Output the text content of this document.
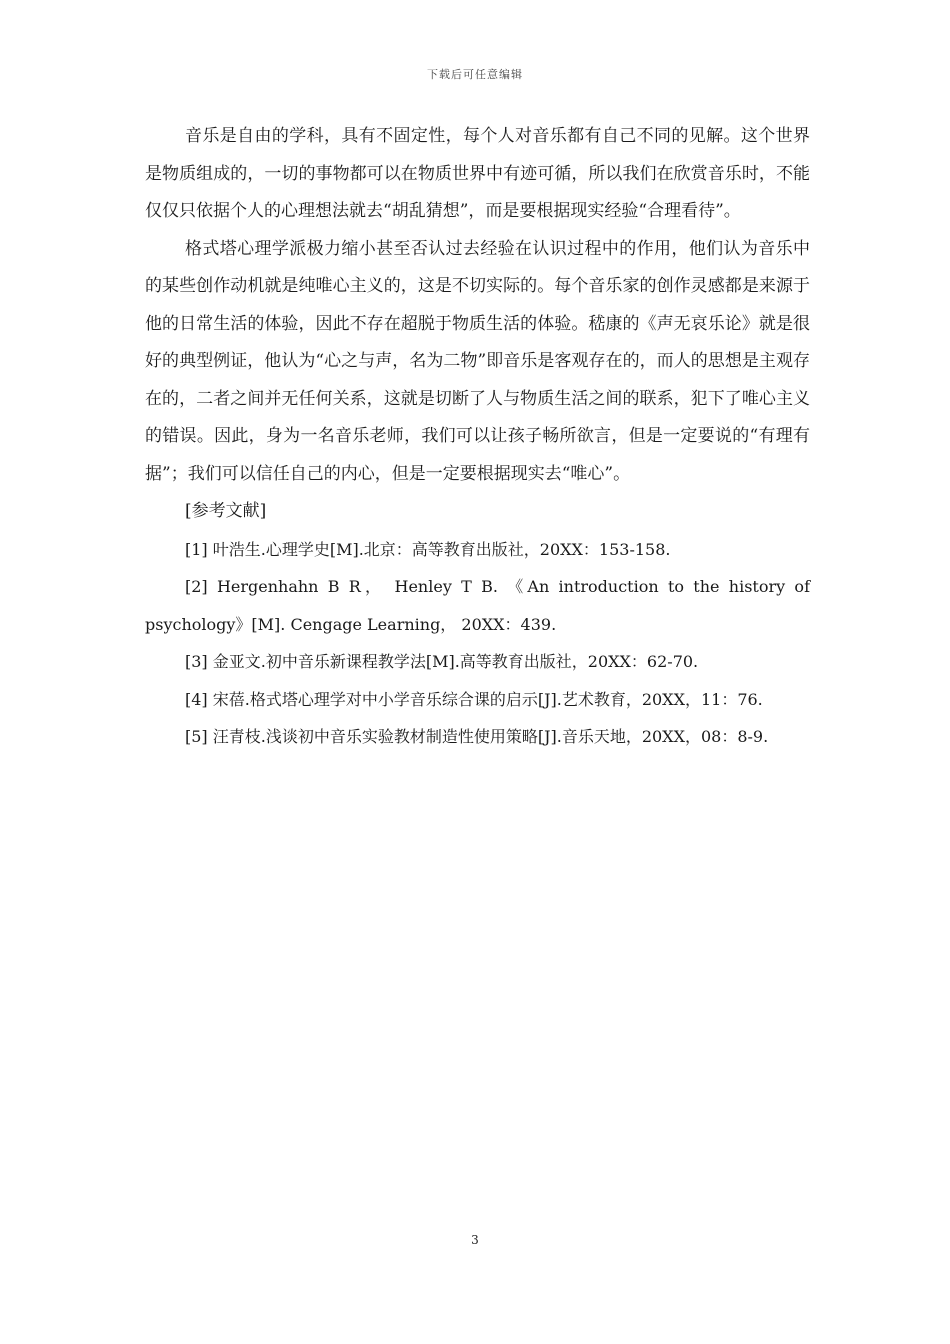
下载后可任意编辑

音乐是自由的学科，具有不固定性，每个人对音乐都有自己不同的见解。这个世界是物质组成的，一切的事物都可以在物质世界中有迹可循，所以我们在欣赏音乐时，不能仅仅只依据个人的心理想法就去“胡乱猜想”，而是要根据现实经验“合理看待”。

格式塔心理学派极力缩小甚至否认过去经验在认识过程中的作用，他们认为音乐中的某些创作动机就是纯唯心主义的，这是不切实际的。每个音乐家的创作灵感都是来源于他的日常生活的体验，因此不存在超脱于物质生活的体验。嵇康的《声无哀乐论》就是很好的典型例证，他认为“心之与声，名为二物”即音乐是客观存在的，而人的思想是主观存在的，二者之间并无任何关系，这就是切断了人与物质生活之间的联系，犯下了唯心主义的错误。因此，身为一名音乐老师，我们可以让孩子畅所欲言，但是一定要说的“有理有据”；我们可以信任自己的内心，但是一定要根据现实去“唯心”。

[参考文献]

[1] 叶浩生.心理学史[M].北京：高等教育出版社，20XX：153-158.

[2] Hergenhahn B R， Henley T B. 《An introduction to the history of psychology》[M]. Cengage Learning， 20XX：439.

[3] 金亚文.初中音乐新课程教学法[M].高等教育出版社，20XX：62-70.

[4] 宋蓓.格式塔心理学对中小学音乐综合课的启示[J].艺术教育，20XX，11：76.

[5] 汪青枝.浅谈初中音乐实验教材制造性使用策略[J].音乐天地，20XX，08：8-9.

3
